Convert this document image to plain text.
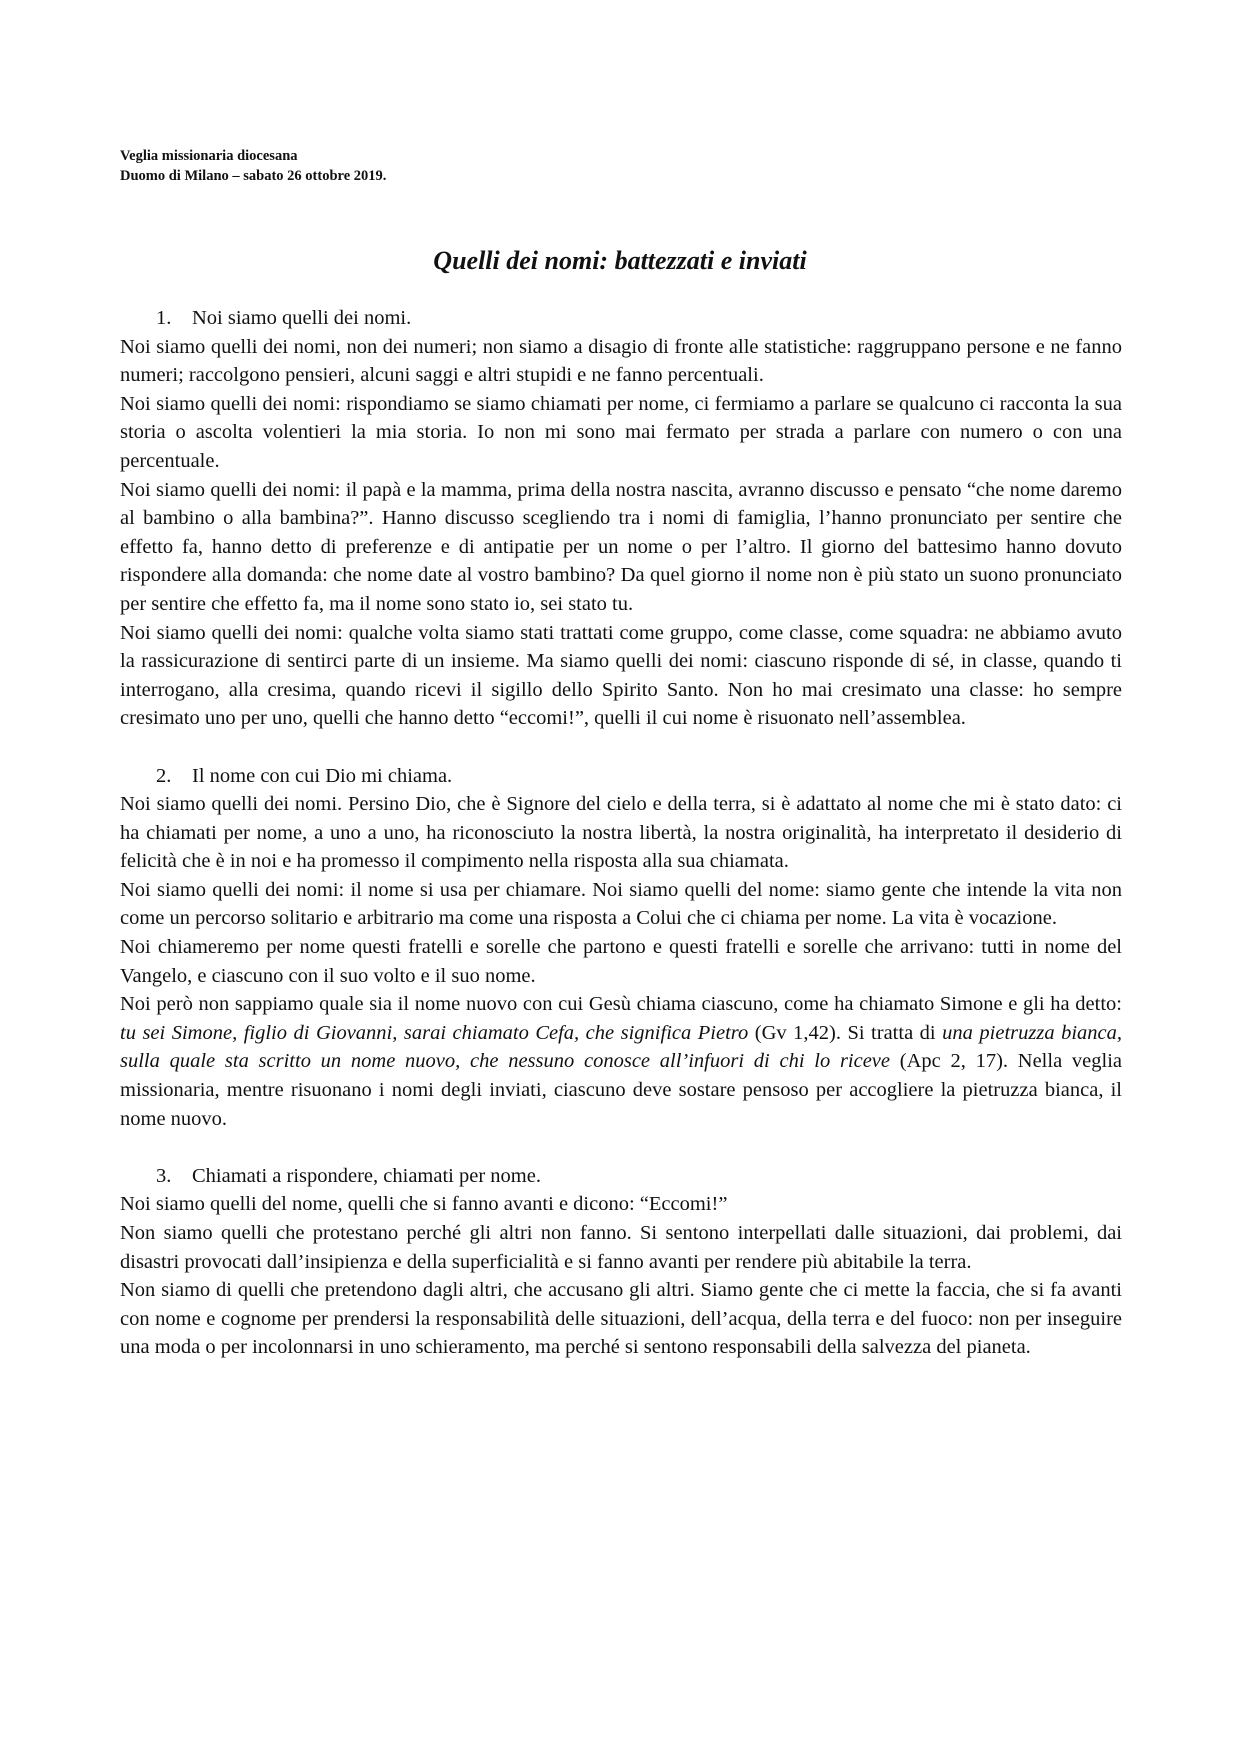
Veglia missionaria diocesana
Duomo di Milano – sabato 26 ottobre 2019.
Quelli dei nomi: battezzati e inviati
1. Noi siamo quelli dei nomi.
Noi siamo quelli dei nomi, non dei numeri; non siamo a disagio di fronte alle statistiche: raggruppano persone e ne fanno numeri; raccolgono pensieri, alcuni saggi e altri stupidi e ne fanno percentuali.
Noi siamo quelli dei nomi: rispondiamo se siamo chiamati per nome, ci fermiamo a parlare se qualcuno ci racconta la sua storia o ascolta volentieri la mia storia. Io non mi sono mai fermato per strada a parlare con numero o con una percentuale.
Noi siamo quelli dei nomi: il papà e la mamma, prima della nostra nascita, avranno discusso e pensato “che nome daremo al bambino o alla bambina?”. Hanno discusso scegliendo tra i nomi di famiglia, l’hanno pronunciato per sentire che effetto fa, hanno detto di preferenze e di antipatie per un nome o per l’altro. Il giorno del battesimo hanno dovuto rispondere alla domanda: che nome date al vostro bambino? Da quel giorno il nome non è più stato un suono pronunciato per sentire che effetto fa, ma il nome sono stato io, sei stato tu.
Noi siamo quelli dei nomi: qualche volta siamo stati trattati come gruppo, come classe, come squadra: ne abbiamo avuto la rassicurazione di sentirci parte di un insieme. Ma siamo quelli dei nomi: ciascuno risponde di sé, in classe, quando ti interrogano, alla cresima, quando ricevi il sigillo dello Spirito Santo. Non ho mai cresimato una classe: ho sempre cresimato uno per uno, quelli che hanno detto “eccomi!”, quelli il cui nome è risuonato nell’assemblea.
2. Il nome con cui Dio mi chiama.
Noi siamo quelli dei nomi. Persino Dio, che è Signore del cielo e della terra, si è adattato al nome che mi è stato dato: ci ha chiamati per nome, a uno a uno, ha riconosciuto la nostra libertà, la nostra originalità, ha interpretato il desiderio di felicità che è in noi e ha promesso il compimento nella risposta alla sua chiamata.
Noi siamo quelli dei nomi: il nome si usa per chiamare. Noi siamo quelli del nome: siamo gente che intende la vita non come un percorso solitario e arbitrario ma come una risposta a Colui che ci chiama per nome. La vita è vocazione.
Noi chiameremo per nome questi fratelli e sorelle che partono e questi fratelli e sorelle che arrivano: tutti in nome del Vangelo, e ciascuno con il suo volto e il suo nome.
Noi però non sappiamo quale sia il nome nuovo con cui Gesù chiama ciascuno, come ha chiamato Simone e gli ha detto: tu sei Simone, figlio di Giovanni, sarai chiamato Cefa, che significa Pietro (Gv 1,42). Si tratta di una pietruzza bianca, sulla quale sta scritto un nome nuovo, che nessuno conosce all’infuori di chi lo riceve (Apc 2, 17). Nella veglia missionaria, mentre risuonano i nomi degli inviati, ciascuno deve sostare pensoso per accogliere la pietruzza bianca, il nome nuovo.
3. Chiamati a rispondere, chiamati per nome.
Noi siamo quelli del nome, quelli che si fanno avanti e dicono: “Eccomi!”
Non siamo quelli che protestano perché gli altri non fanno. Si sentono interpellati dalle situazioni, dai problemi, dai disastri provocati dall’insipienza e della superficialità e si fanno avanti per rendere più abitabile la terra.
Non siamo di quelli che pretendono dagli altri, che accusano gli altri. Siamo gente che ci mette la faccia, che si fa avanti con nome e cognome per prendersi la responsabilità delle situazioni, dell’acqua, della terra e del fuoco: non per inseguire una moda o per incolonnarsi in uno schieramento, ma perché si sentono responsabili della salvezza del pianeta.
